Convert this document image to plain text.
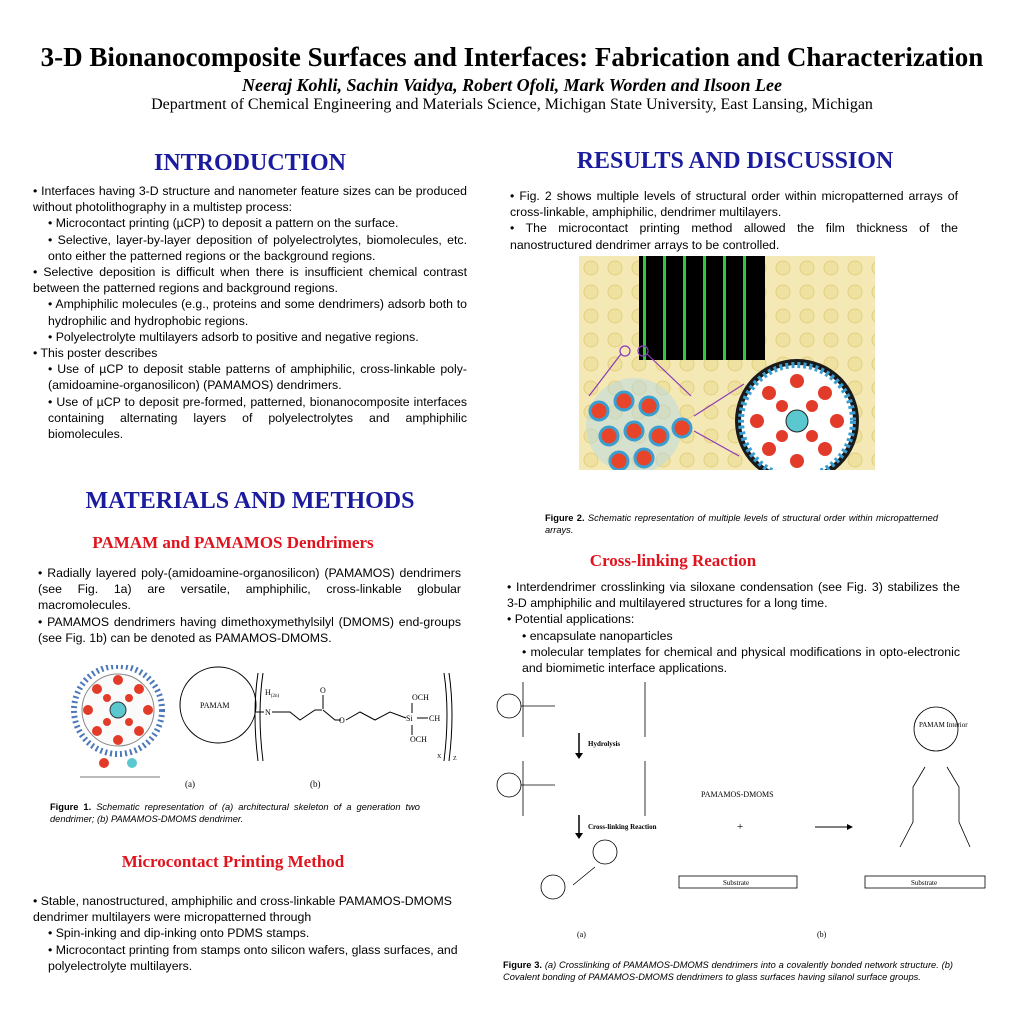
3-D Bionanocomposite Surfaces and Interfaces: Fabrication and Characterization
Neeraj Kohli, Sachin Vaidya, Robert Ofoli, Mark Worden and Ilsoon Lee
Department of Chemical Engineering and Materials Science, Michigan State University, East Lansing, Michigan
INTRODUCTION

• Interfaces having 3-D structure and nanometer feature sizes can be produced without photolithography in a multistep process:

• Microcontact printing (µCP) to deposit a pattern on the surface.

• Selective, layer-by-layer deposition of polyelectrolytes, biomolecules, etc. onto either the patterned regions or the background regions.

• Selective deposition is difficult when there is insufficient chemical contrast between the patterned regions and background regions.

• Amphiphilic molecules (e.g., proteins and some dendrimers) adsorb both to hydrophilic and hydrophobic regions.

• Polyelectrolyte multilayers adsorb to positive and negative regions.

• This poster describes

• Use of µCP to deposit stable patterns of amphiphilic, cross-linkable poly-(amidoamine-organosilicon) (PAMAMOS) dendrimers.

• Use of µCP to deposit pre-formed, patterned, bionanocomposite interfaces containing alternating layers of polyelectrolytes and amphiphilic biomolecules.

MATERIALS AND METHODS
PAMAM and PAMAMOS Dendrimers

• Radially layered poly-(amidoamine-organosilicon) (PAMAMOS) dendrimers (see Fig. 1a) are versatile, amphiphilic, cross-linkable globular macromolecules.

• PAMAMOS dendrimers having dimethoxymethylsilyl (DMOMS) end-groups (see Fig. 1b) can be denoted as PAMAMOS-DMOMS.

PAMAM
$H_{(2n)}$
N
O
O
OCH
Si CH
OCH
X Z
(a)	(b)
Figure 1. Schematic representation of (a) architectural skeleton of a generation two dendrimer; (b) PAMAMOS-DMOMS dendrimer.
Microcontact Printing Method

• Stable, nanostructured, amphiphilic and cross-linkable PAMAMOS-DMOMS dendrimer multilayers were micropatterned through

• Spin-inking and dip-inking onto PDMS stamps.

• Microcontact printing from stamps onto silicon wafers, glass surfaces, and polyelectrolyte multilayers.

RESULTS AND DISCUSSION

• Fig. 2 shows multiple levels of structural order within micropatterned arrays of cross-linkable, amphiphilic, dendrimer multilayers.

• The microcontact printing method allowed the film thickness of the nanostructured dendrimer arrays to be controlled.

Figure 2. Schematic representation of multiple levels of structural order within micropatterned arrays.
Cross-linking Reaction

• Interdendrimer crosslinking via siloxane condensation (see Fig. 3) stabilizes the 3-D amphiphilic and multilayered structures for a long time.

• Potential applications:

• encapsulate nanoparticles

• molecular templates for chemical and physical modifications in opto-electronic and biomimetic interface applications.

Hydrolysis
Cross-linking Reaction
PAMAMOS-DMOMS
+
PAMAM Interior
Substrate	Substrate
(a)	(b)
Figure 3. (a) Crosslinking of PAMAMOS-DMOMS dendrimers into a covalently bonded network structure. (b) Covalent bonding of PAMAMOS-DMOMS dendrimers to glass surfaces having silanol surface groups.
